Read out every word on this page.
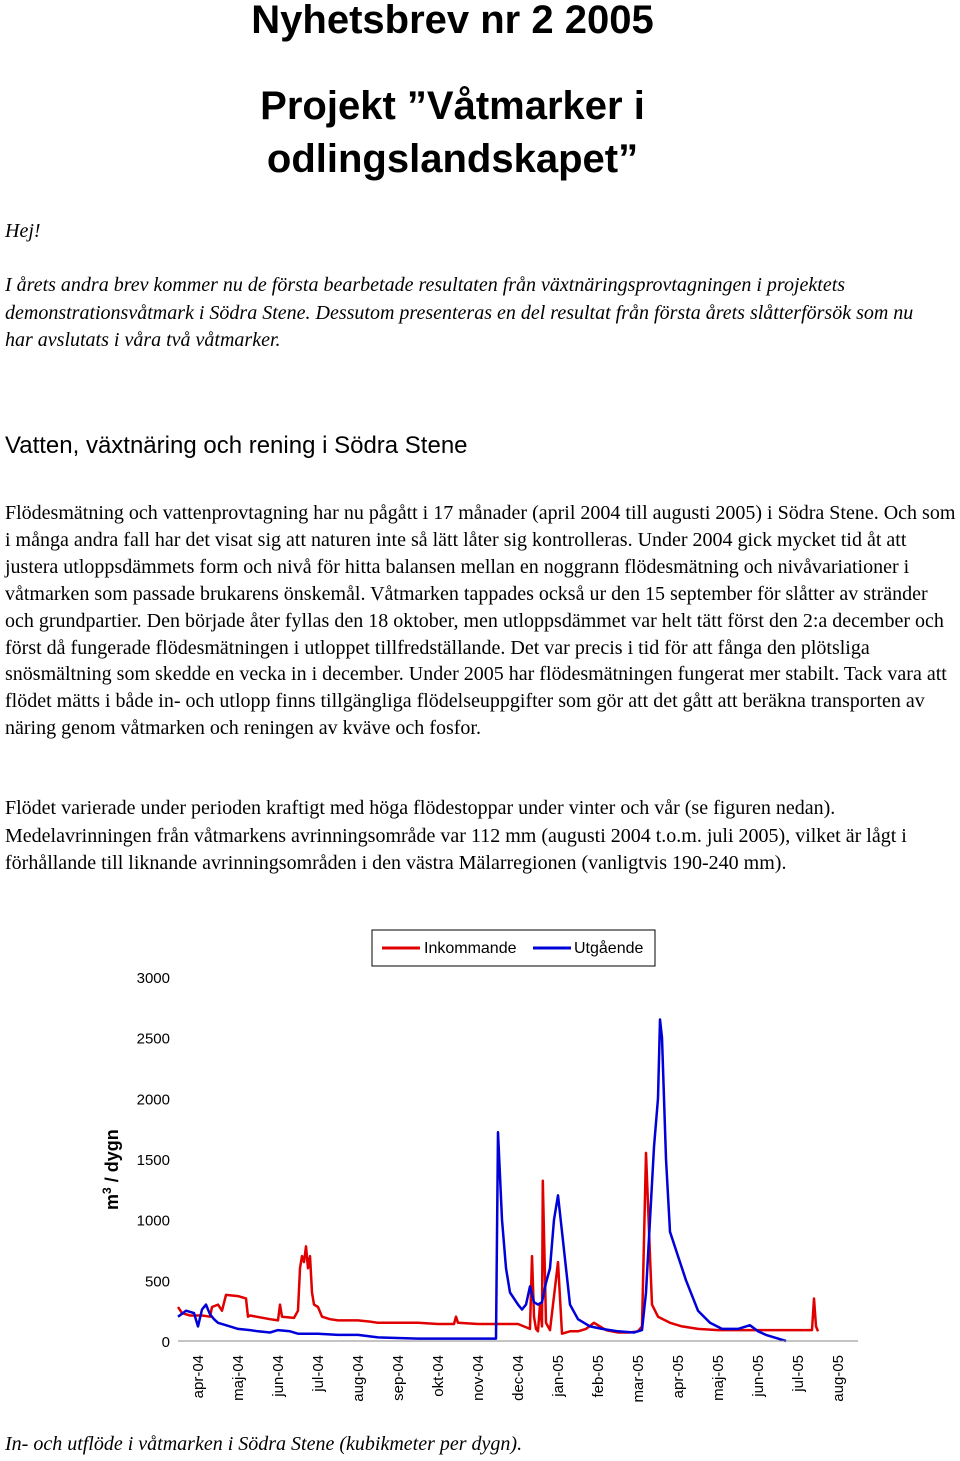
Nyhetsbrev nr 2 2005
Projekt ”Våtmarker i
odlingslandskapet”
Hej!
I årets andra brev kommer nu de första bearbetade resultaten från växtnäringsprovtagningen i projektets demonstrationsvåtmark i Södra Stene. Dessutom presenteras en del resultat från första årets slåtterförsök som nu har avslutats i våra två våtmarker.
Vatten, växtnäring och rening i Södra Stene
Flödesmätning och vattenprovtagning har nu pågått i 17 månader (april 2004 till augusti 2005) i Södra Stene. Och som i många andra fall har det visat sig att naturen inte så lätt låter sig kontrolleras. Under 2004 gick mycket tid åt att justera utloppsdämmets form och nivå för hitta balansen mellan en noggrann flödesmätning och nivåvariationer i våtmarken som passade brukarens önskemål. Våtmarken tappades också ur den 15 september för slåtter av stränder och grundpartier. Den började åter fyllas den 18 oktober, men utloppsdämmet var helt tätt först den 2:a december och först då fungerade flödesmätningen i utloppet tillfredställande. Det var precis i tid för att fånga den plötsliga snösmältning som skedde en vecka in i december. Under 2005 har flödesmätningen fungerat mer stabilt. Tack vara att flödet mätts i både in- och utlopp finns tillgängliga flödelseuppgifter som gör att det gått att beräkna transporten av näring genom våtmarken och reningen av kväve och fosfor.
Flödet varierade under perioden kraftigt med höga flödestoppar under vinter och vår (se figuren nedan). Medelavrinningen från våtmarkens avrinningsområde var 112 mm (augusti 2004 t.o.m. juli 2005), vilket är lågt i förhållande till liknande avrinningsområden i den västra Mälarregionen (vanligtvis 190-240 mm).
Inkommande	Utgående
0
500
1000
1500
2000
2500
3000
$m^3$ / dygn
apr-04 maj-04 jun-04 jul-04 aug-04 sep-04 okt-04 nov-04 dec-04 jan-05 feb-05 mar-05 apr-05 maj-05 jun-05 jul-05 aug-05
In- och utflöde i våtmarken i Södra Stene (kubikmeter per dygn).
